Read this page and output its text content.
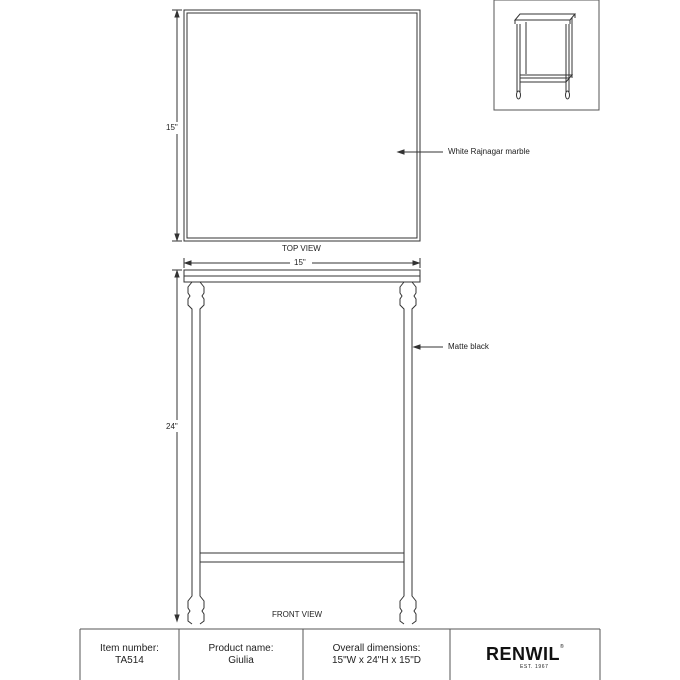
15"
TOP VIEW
White Rajnagar marble
15"
24"
Matte black
FRONT VIEW
Item number:
TA514
Product name:
Giulia
Overall dimensions:
15"W x 24"H x 15"D	RENWIL®
EST. 1967
